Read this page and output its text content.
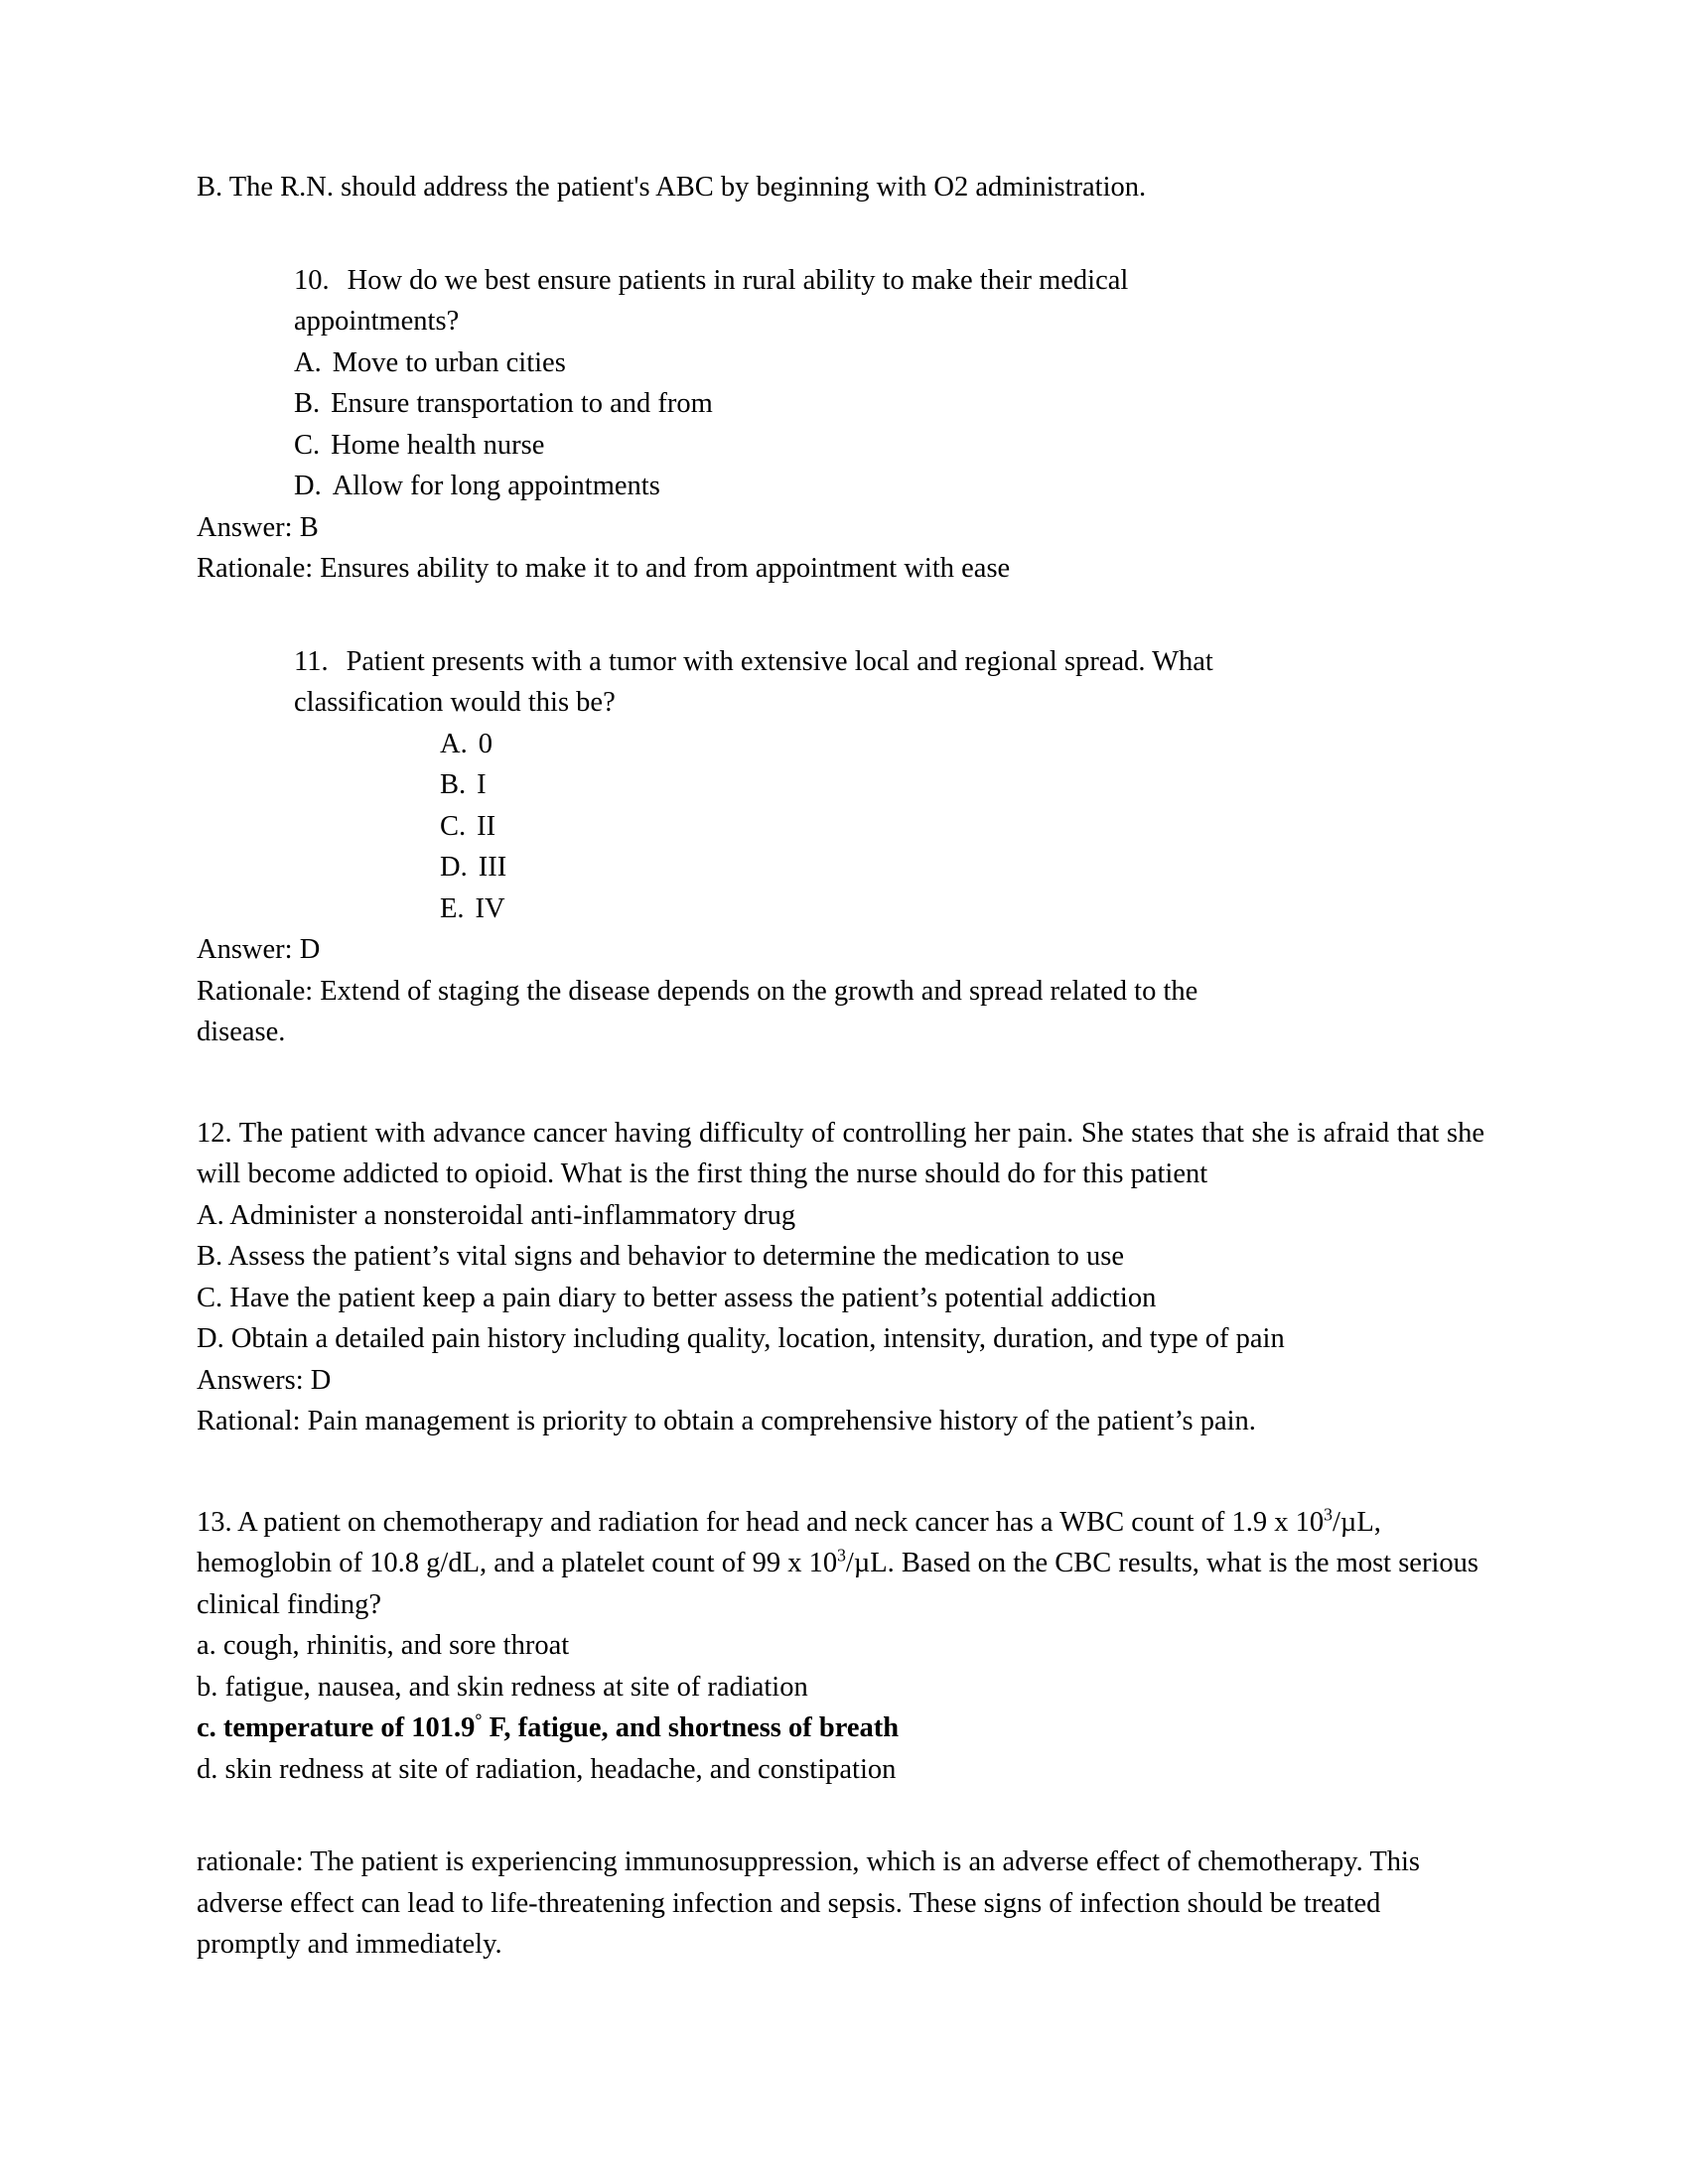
B. The R.N. should address the patient's ABC by beginning with O2 administration.

10. How do we best ensure patients in rural ability to make their medical

appointments?

A. Move to urban cities

B. Ensure transportation to and from

C. Home health nurse

D. Allow for long appointments

Answer: B

Rationale: Ensures ability to make it to and from appointment with ease

11. Patient presents with a tumor with extensive local and regional spread. What

classification would this be?

A. 0

B. I

C. II

D. III

E. IV

Answer: D

Rationale: Extend of staging the disease depends on the growth and spread related to the

disease.

12. The patient with advance cancer having difficulty of controlling her pain. She states that she is afraid that she will become addicted to opioid. What is the first thing the nurse should do for this patient

A. Administer a nonsteroidal anti-inflammatory drug

B. Assess the patient’s vital signs and behavior to determine the medication to use

C. Have the patient keep a pain diary to better assess the patient’s potential addiction

D. Obtain a detailed pain history including quality, location, intensity, duration, and type of pain

Answers: D

Rational: Pain management is priority to obtain a comprehensive history of the patient’s pain.

13. A patient on chemotherapy and radiation for head and neck cancer has a WBC count of 1.9 x $10^3/\mu L$, hemoglobin of 10.8 g/dL, and a platelet count of 99 x $10^3/\mu L$. Based on the CBC results, what is the most serious clinical finding?

a. cough, rhinitis, and sore throat

b. fatigue, nausea, and skin redness at site of radiation

c. temperature of 101.9° F, fatigue, and shortness of breath

d. skin redness at site of radiation, headache, and constipation

rationale: The patient is experiencing immunosuppression, which is an adverse effect of chemotherapy. This adverse effect can lead to life-threatening infection and sepsis. These signs of infection should be treated promptly and immediately.
